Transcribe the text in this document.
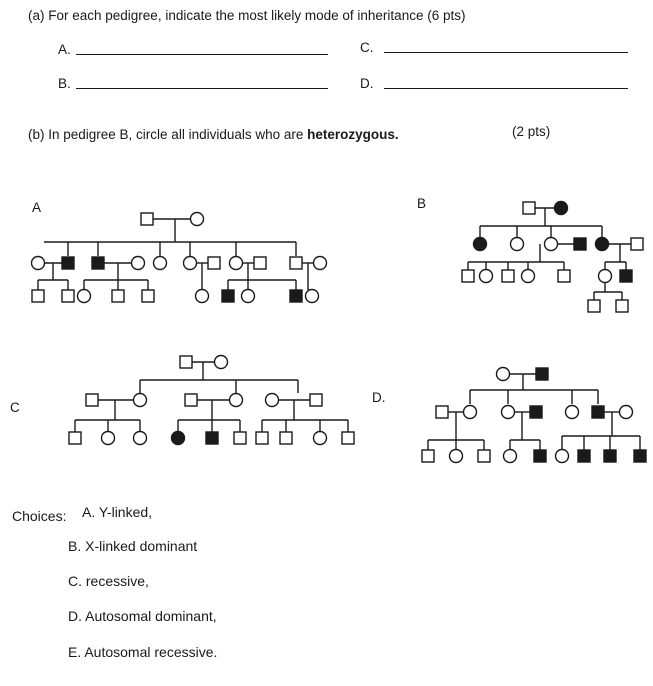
(a) For each pedigree, indicate the most likely mode of inheritance (6 pts)
A.	C.
B.	D.
(b) In pedigree B, circle all individuals who are heterozygous.	(2 pts)
A	B
C
D.
Choices: A. Y-linked,
B. X-linked dominant
C. recessive,
D. Autosomal dominant,
E. Autosomal recessive.
